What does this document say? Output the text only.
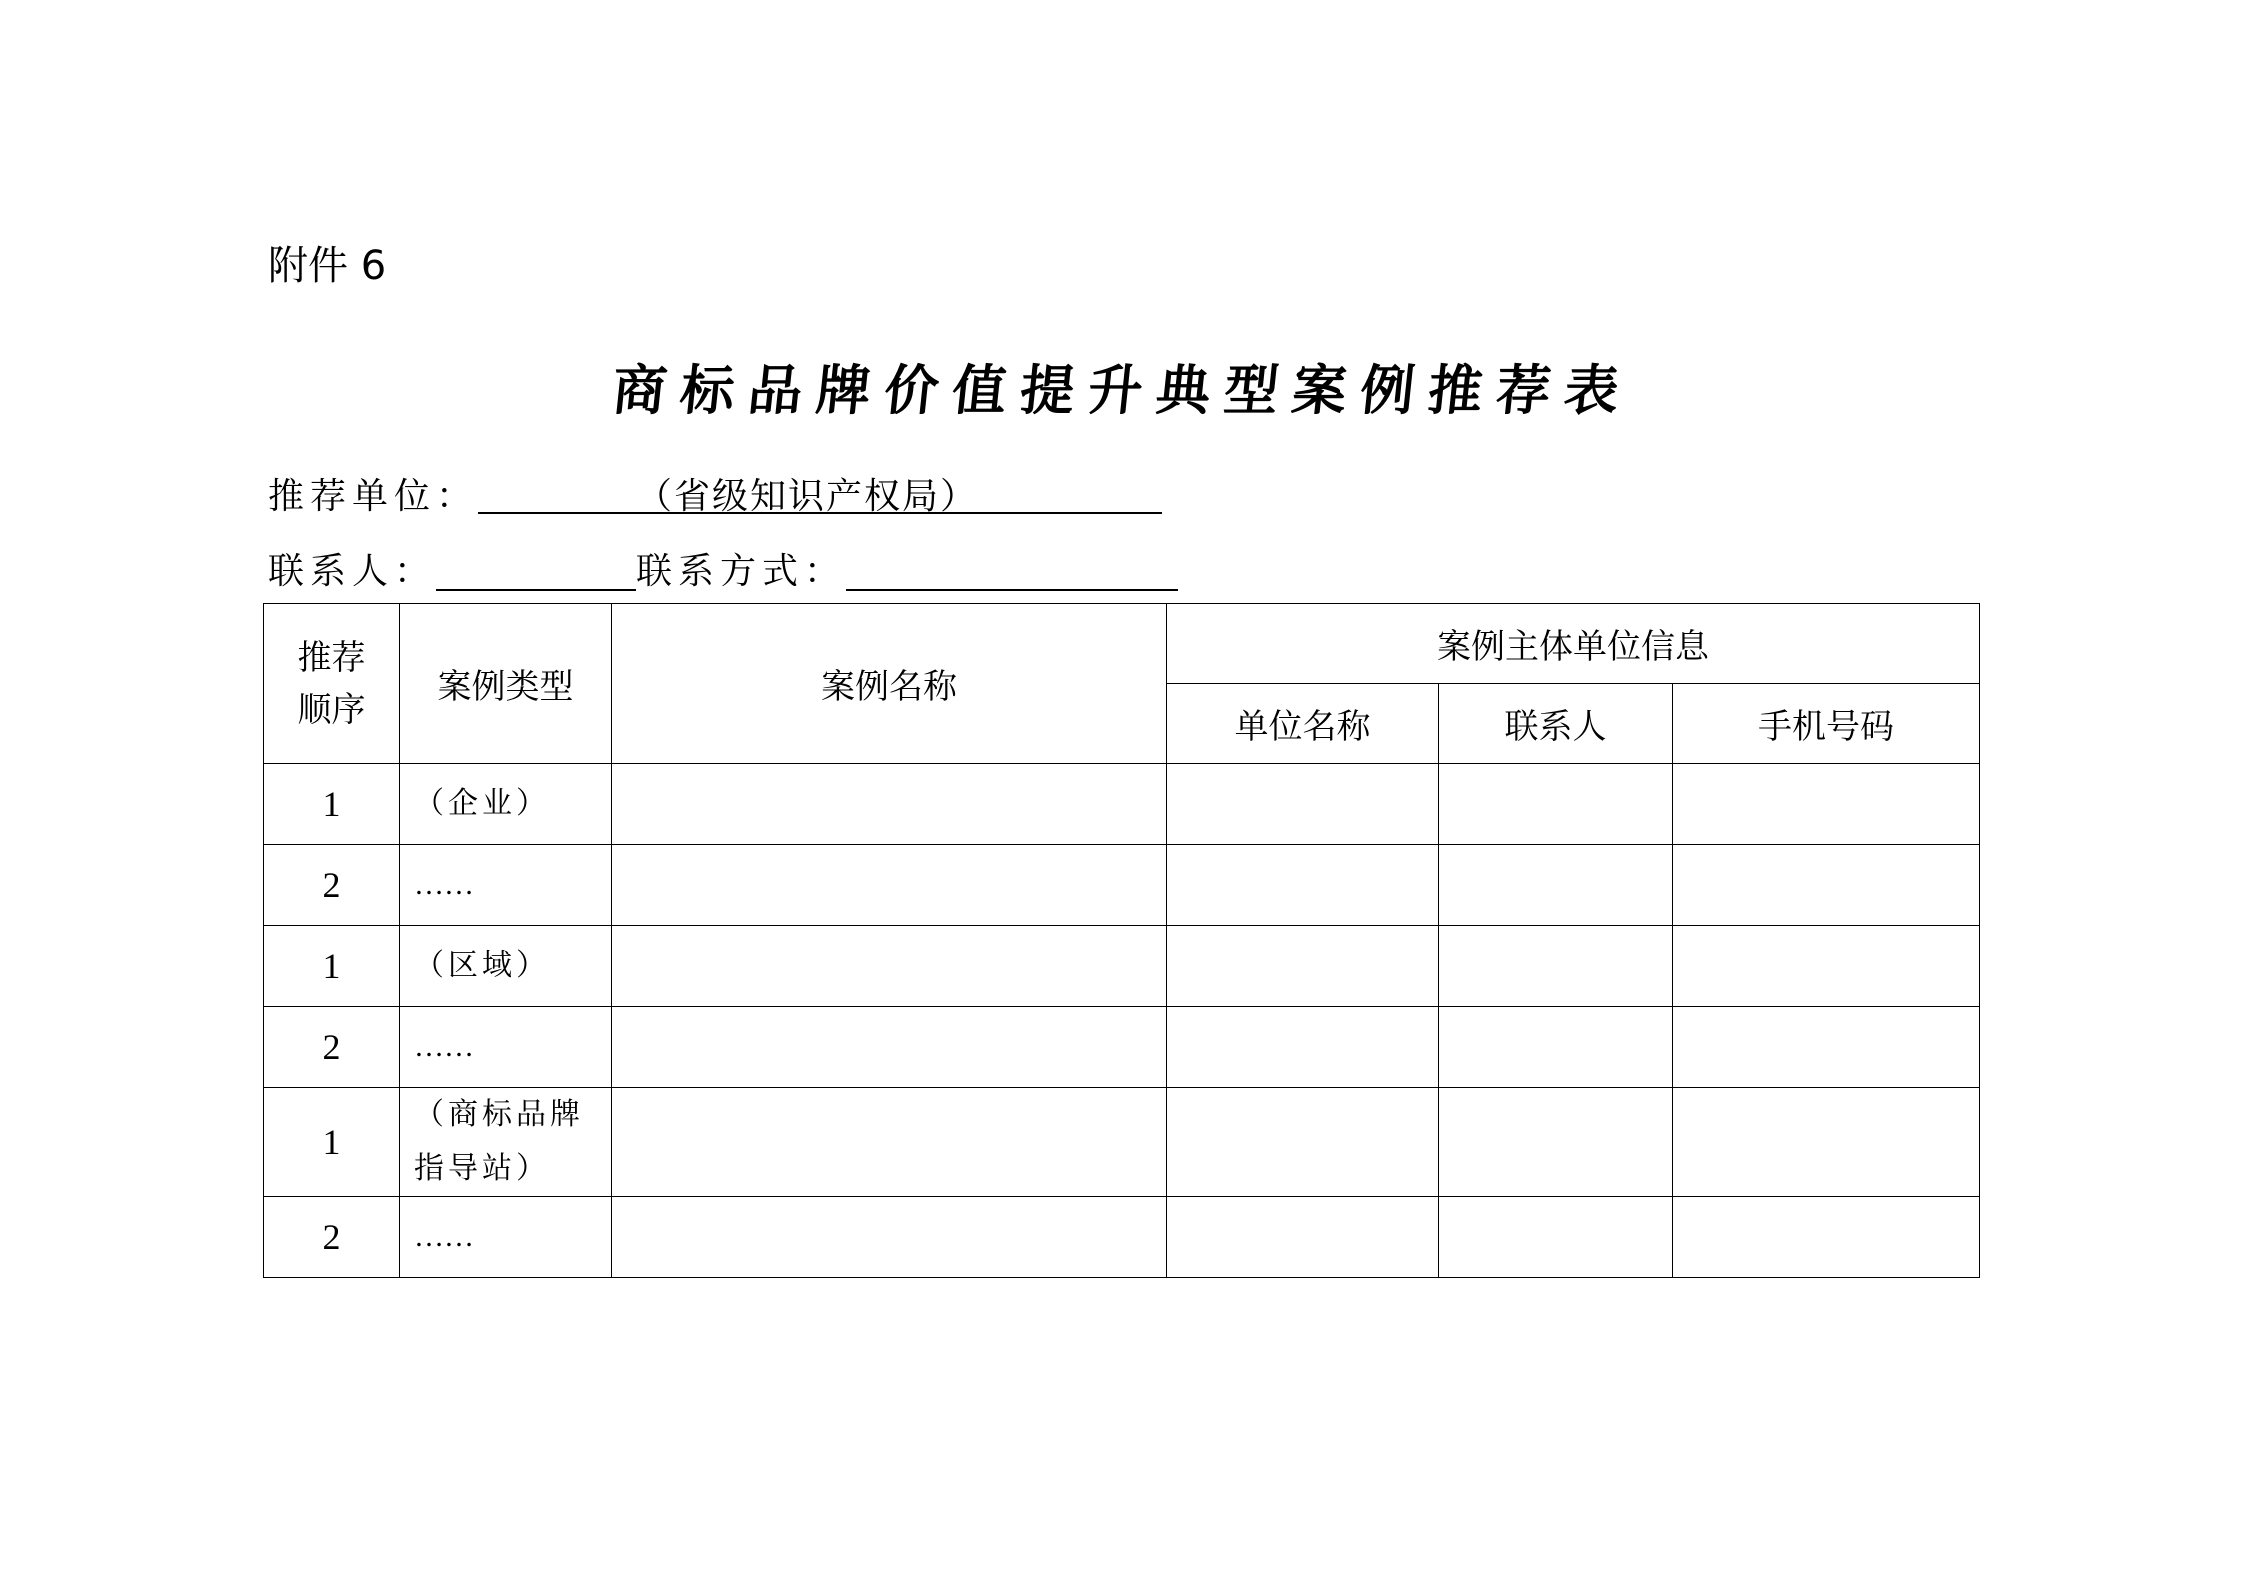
附件 6
商标品牌价值提升典型案例推荐表
推荐单位：	（省级知识产权局）
联系人：	联系方式：
推荐
顺序	案例类型	案例名称	案例主体单位信息		
			单位名称	联系人	手机号码
1	（企业）				
2	……				
1	（区域）				
2	……				
1	（商标品牌
指导站）				
2	……				
